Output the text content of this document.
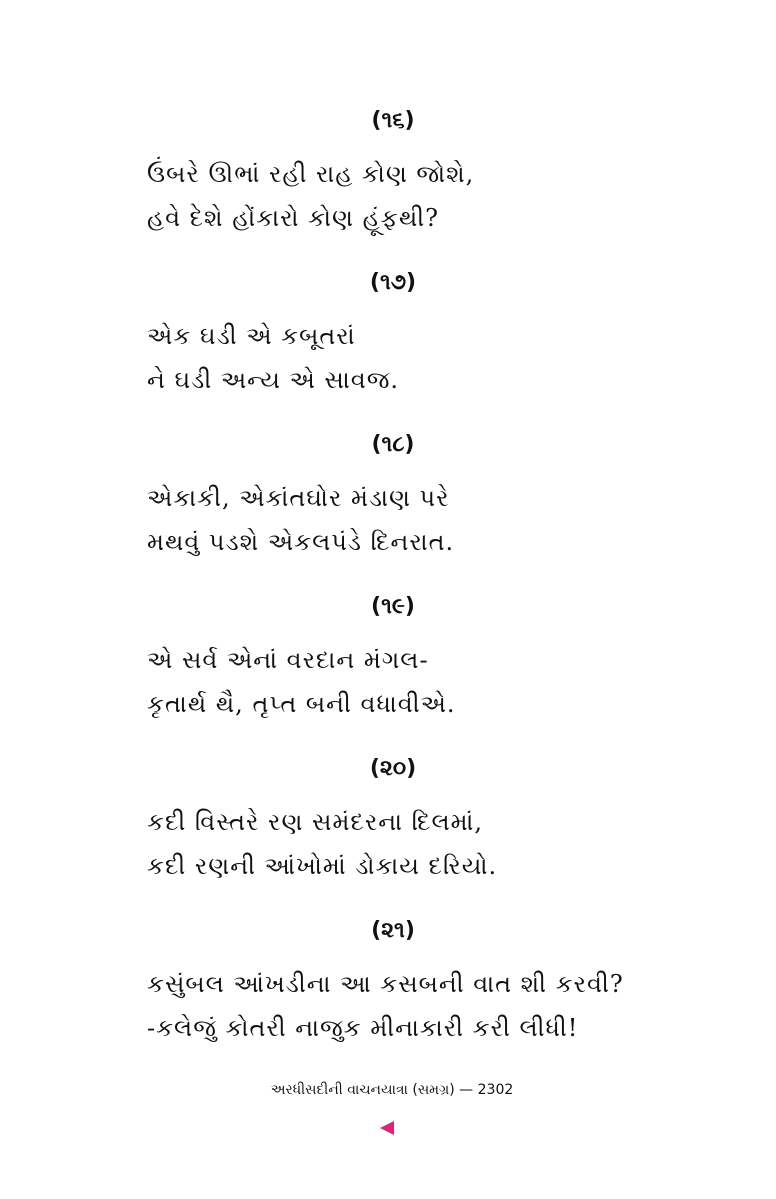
(૧૬)
ઉંબરે ઊભાં રહી રાહ કોણ જોશે,
હવે દેશે હોંકારો કોણ હૂંફથી?
(૧૭)
એક ઘડી એ કબૂતરાં
ને ઘડી અન્ય એ સાવજ.
(૧૮)
એકાકી, એકાંતઘોર મંડાણ પરે
મથવું પડશે એકલપંડે દિનરાત.
(૧૯)
એ સર્વ એનાં વરદાન મંગલ-
કૃતાર્થ થૈ, તૃપ્ત બની વધાવીએ.
(૨૦)
કદી વિસ્તરે રણ સમંદરના દિલમાં,
કદી રણની આંખોમાં ડોકાય દરિયો.
(૨૧)
કસુંબલ આંખડીના આ કસબની વાત શી કરવી?
-કલેજું કોતરી નાજુક મીનાકારી કરી લીધી!
અરધીસદીની વાચનયાત્રા (સમગ્ર) — 2302
